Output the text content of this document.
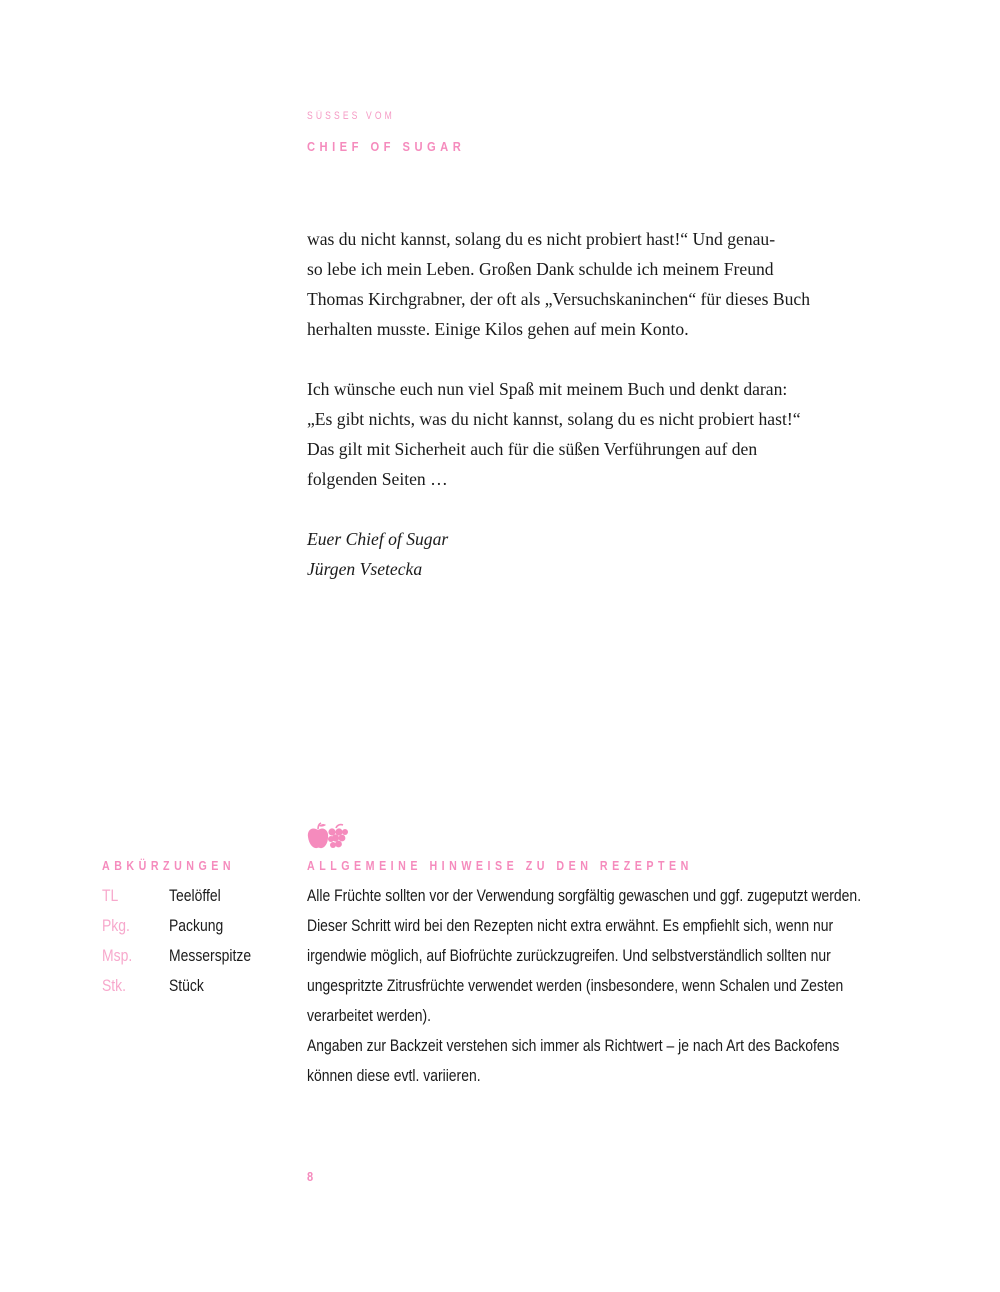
SÜSSES VOM
CHIEF OF SUGAR

was du nicht kannst, solang du es nicht probiert hast!“ Und genau-
so lebe ich mein Leben. Großen Dank schulde ich meinem Freund
Thomas Kirchgrabner, der oft als „Versuchskaninchen“ für dieses Buch
herhalten musste. Einige Kilos gehen auf mein Konto.

Ich wünsche euch nun viel Spaß mit meinem Buch und denkt daran:
„Es gibt nichts, was du nicht kannst, solang du es nicht probiert hast!“
Das gilt mit Sicherheit auch für die süßen Verführungen auf den
folgenden Seiten …

Euer Chief of Sugar
Jürgen Vsetecka

ABKÜRZUNGEN	ALLGEMEINE HINWEISE ZU DEN REZEPTEN
TL	Teelöffel
Pkg. Packung
Msp. Messerspitze
Stk.	Stück
Alle Früchte sollten vor der Verwendung sorgfältig gewaschen und ggf. zugeputzt werden.
Dieser Schritt wird bei den Rezepten nicht extra erwähnt. Es empfiehlt sich, wenn nur
irgendwie möglich, auf Biofrüchte zurückzugreifen. Und selbstverständlich sollten nur
ungespritzte Zitrusfrüchte verwendet werden (insbesondere, wenn Schalen und Zesten
verarbeitet werden).
Angaben zur Backzeit verstehen sich immer als Richtwert – je nach Art des Backofens
können diese evtl. variieren.
8
